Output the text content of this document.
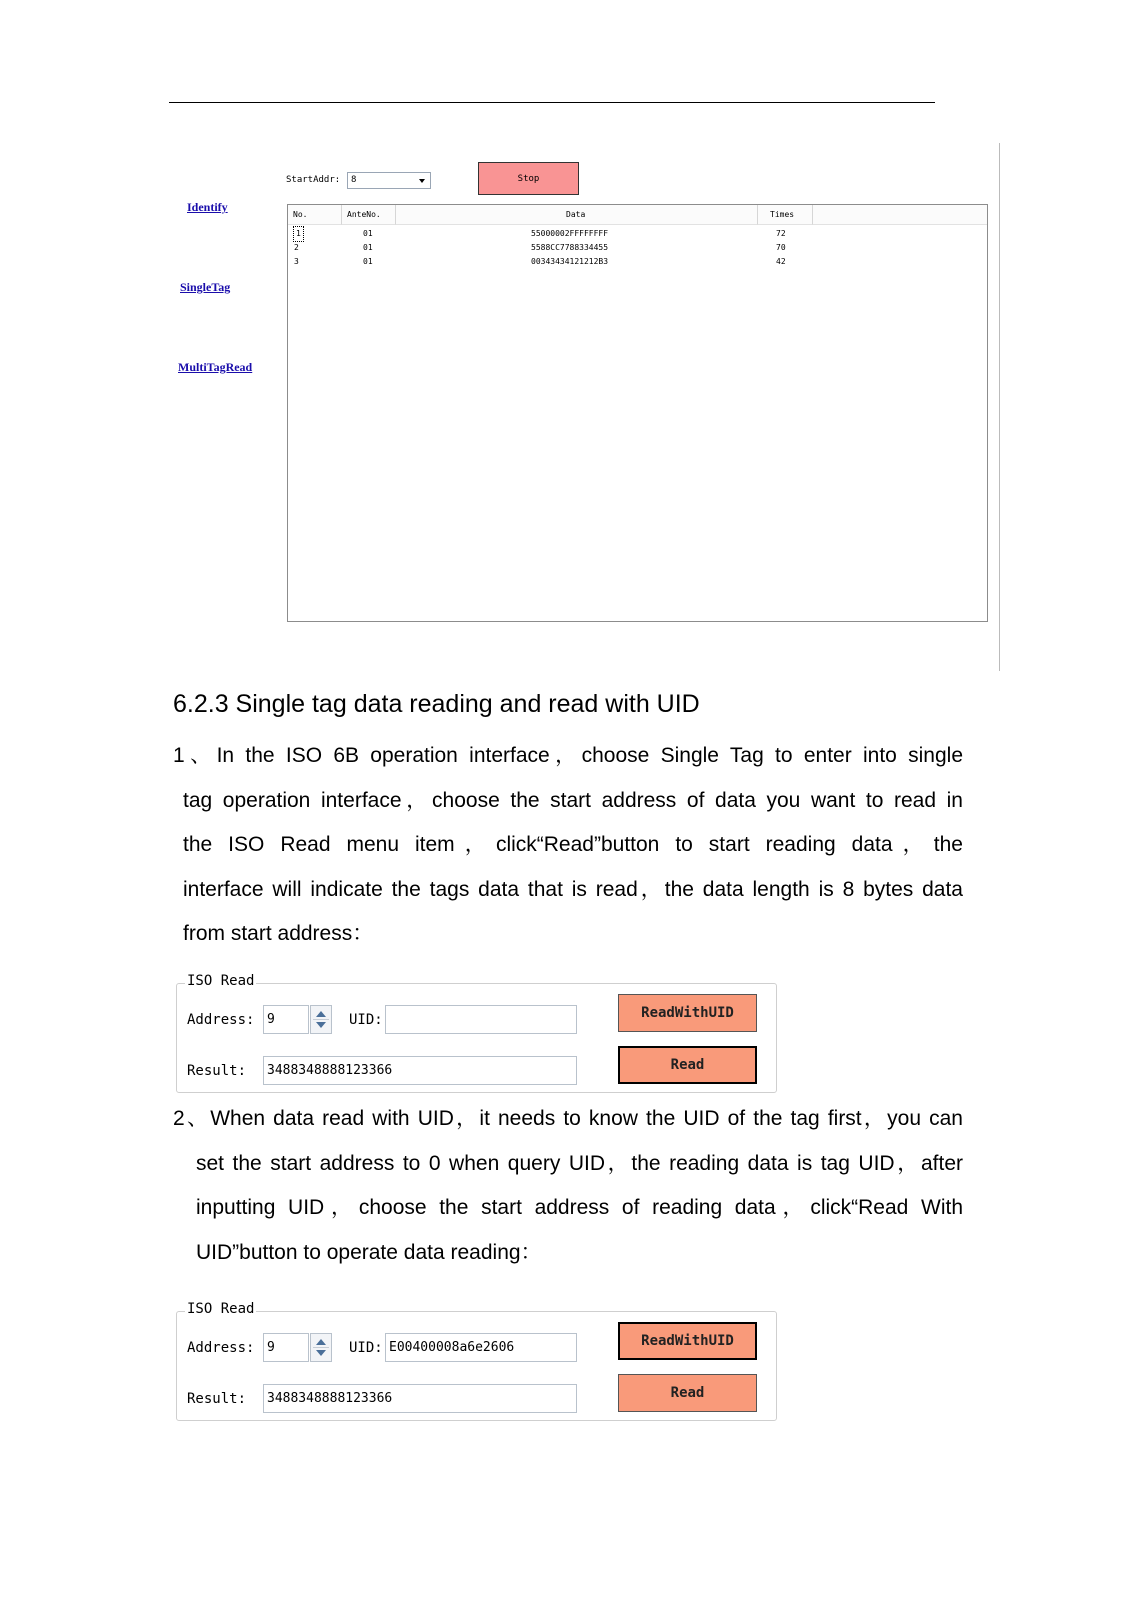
Identify
SingleTag
MultiTagRead
StartAddr:	8	Stop
No.	AnteNo.	Data	Times
1	01	55000002FFFFFFFF	72
2	01	5588CC7788334455	70
3	01	00343434121212B3	42
6.2.3 Single tag data reading and read with UID
1、In the ISO 6B operation interface，choose Single Tag to enter into single
tag operation interface，choose the start address of data you want to read in
the ISO Read menu item，click“Read”button to start reading data，the
interface will indicate the tags data that is read，the data length is 8 bytes data
from start address：
ISO Read
Address: 9	UID:	ReadWithUID
Result:	3488348888123366	Read
2、When data read with UID，it needs to know the UID of the tag first，you can
set the start address to 0 when query UID，the reading data is tag UID，after
inputting UID，choose the start address of reading data，click“Read With
UID”button to operate data reading：
ISO Read
Address: 9	UID: E00400008a6e2606	ReadWithUID
Result:	3488348888123366	Read
